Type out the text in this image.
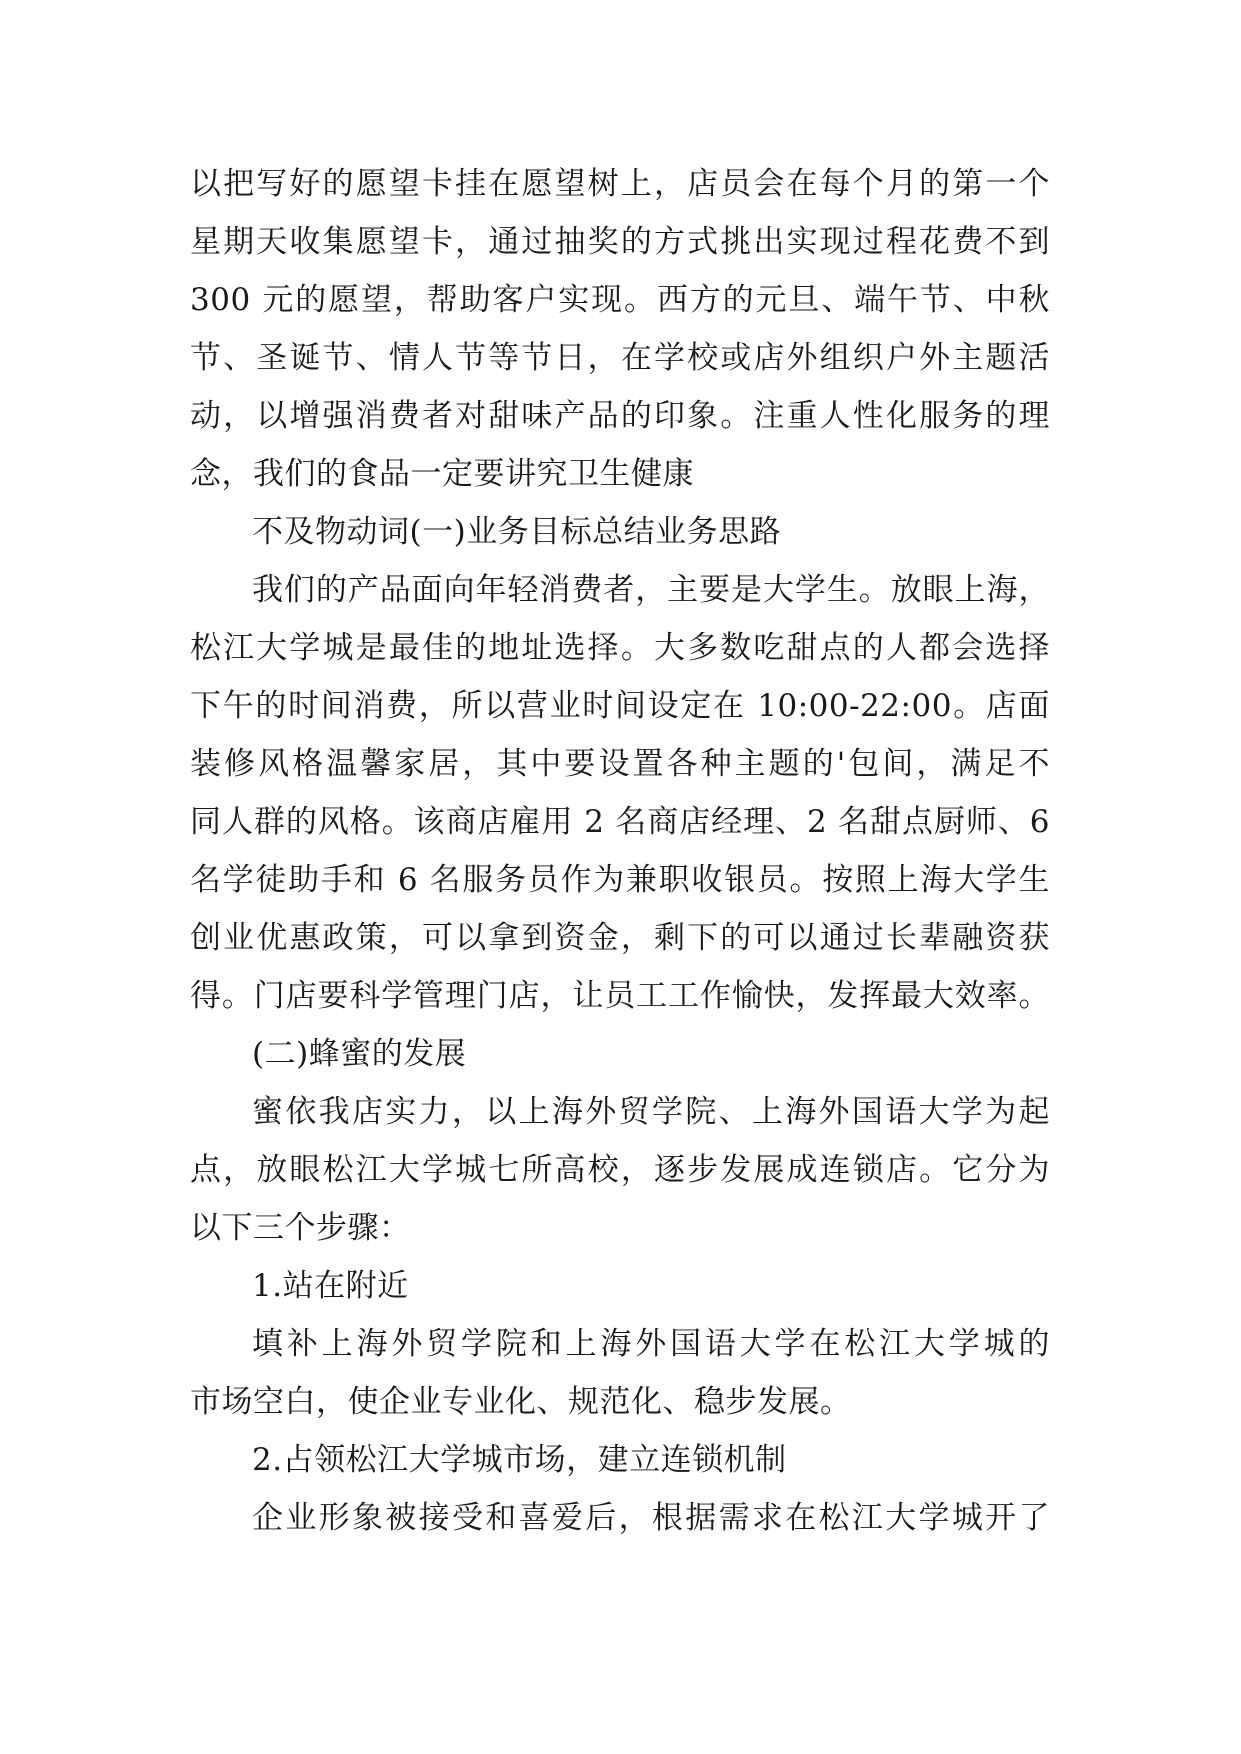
以把写好的愿望卡挂在愿望树上，店员会在每个月的第一个
星期天收集愿望卡，通过抽奖的方式挑出实现过程花费不到
300 元的愿望，帮助客户实现。西方的元旦、端午节、中秋
节、圣诞节、情人节等节日，在学校或店外组织户外主题活
动，以增强消费者对甜味产品的印象。注重人性化服务的理
念，我们的食品一定要讲究卫生健康
不及物动词(一)业务目标总结业务思路
我们的产品面向年轻消费者，主要是大学生。放眼上海，
松江大学城是最佳的地址选择。大多数吃甜点的人都会选择
下午的时间消费，所以营业时间设定在 10:00-22:00。店面
装修风格温馨家居，其中要设置各种主题的'包间，满足不
同人群的风格。该商店雇用 2 名商店经理、2 名甜点厨师、6
名学徒助手和 6 名服务员作为兼职收银员。按照上海大学生
创业优惠政策，可以拿到资金，剩下的可以通过长辈融资获
得。门店要科学管理门店，让员工工作愉快，发挥最大效率。
(二)蜂蜜的发展
蜜依我店实力，以上海外贸学院、上海外国语大学为起
点，放眼松江大学城七所高校，逐步发展成连锁店。它分为
以下三个步骤：
1.站在附近
填补上海外贸学院和上海外国语大学在松江大学城的
市场空白，使企业专业化、规范化、稳步发展。
2.占领松江大学城市场，建立连锁机制
企业形象被接受和喜爱后，根据需求在松江大学城开了
